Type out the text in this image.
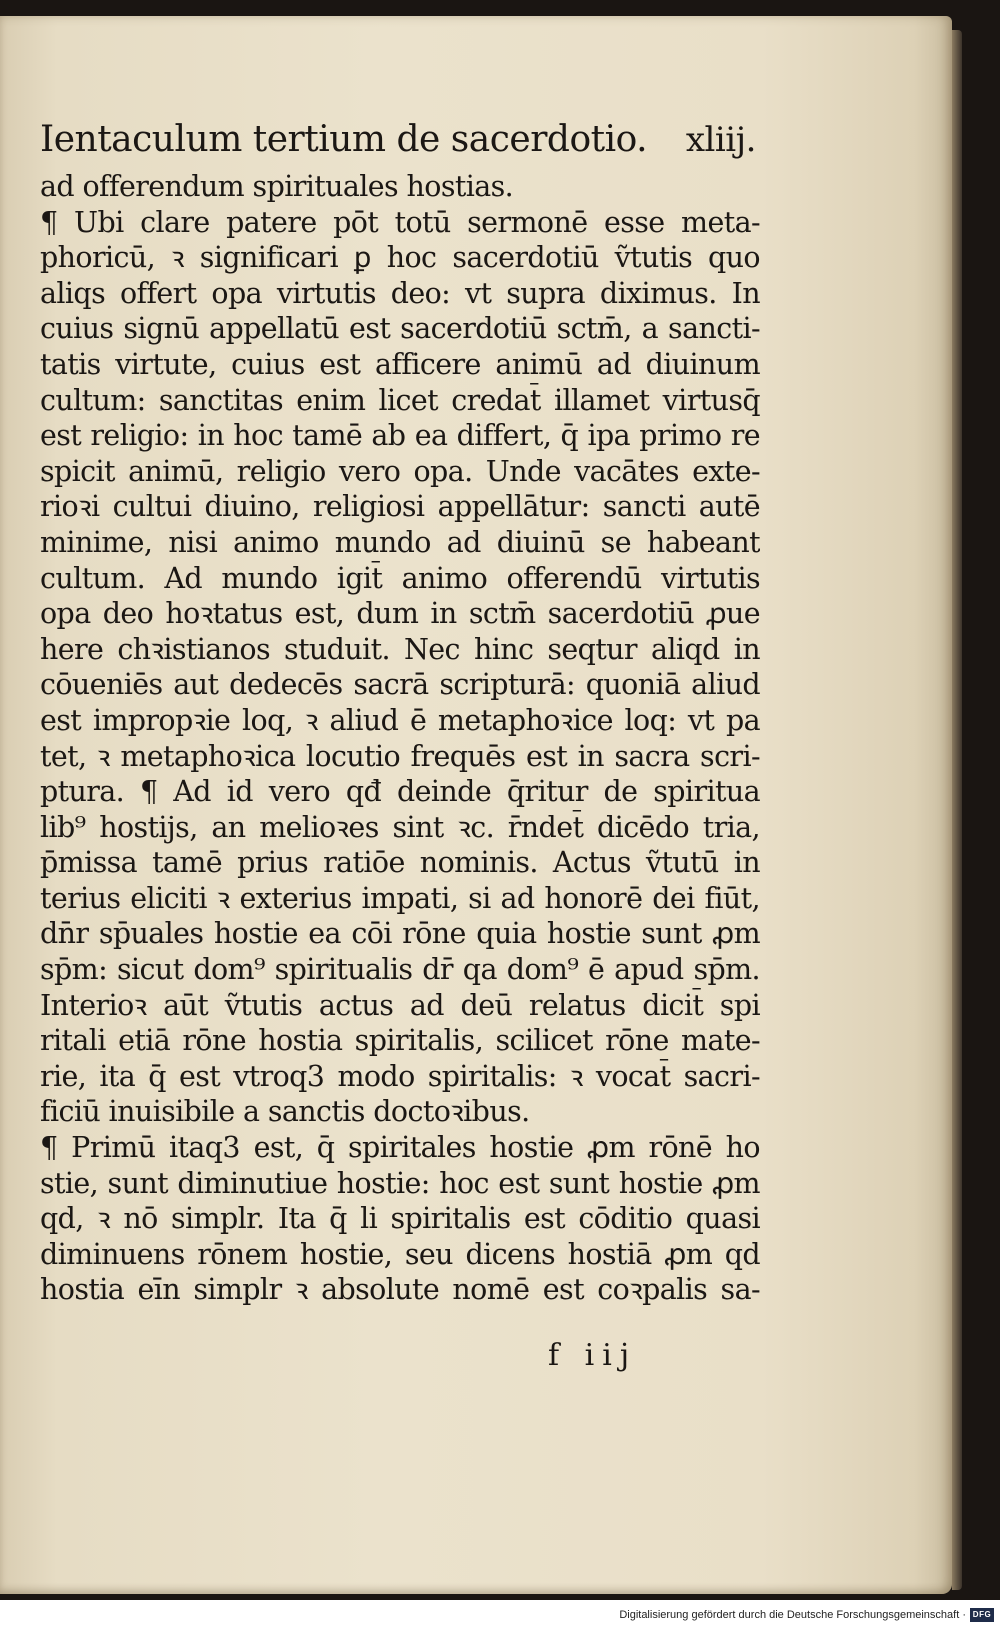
Ientaculum tertium de sacerdotio. xliij.
ad offerendum spirituales hostias.
¶ Ubi clare patere pōt totū sermonē esse meta-
phoricū, ꝛ significari ꝑ hoc sacerdotiū ṽtutis quo
aliqs offert opa virtutis deo: vt supra diximus. In
cuius signū appellatū est sacerdotiū sctm̄, a sancti-
tatis virtute, cuius est afficere animū ad diuinum
cultum: sanctitas enim licet credat̄ illamet virtusq̄
est religio: in hoc tamē ab ea differt, q̄ ipa primo re
spicit animū, religio vero opa. Unde vacātes exte-
rioꝛi cultui diuino, religiosi appellātur: sancti autē
minime, nisi animo mundo ad diuinū se habeant
cultum. Ad mundo igit̄ animo offerendū virtutis
opa deo hoꝛtatus est, dum in sctm̄ sacerdotiū ꝓue
here chꝛistianos studuit. Nec hinc seqtur aliqd in
cōueniēs aut dedecēs sacrā scripturā: quoniā aliud
est impropꝛie loq, ꝛ aliud ē metaphoꝛice loq: vt pa
tet, ꝛ metaphoꝛica locutio frequēs est in sacra scri-
ptura. ¶ Ad id vero qđ deinde q̄ritur de spiritua
lib⁹ hostijs, an melioꝛes sint ꝛc. r̄ndet̄ dicēdo tria,
p̄missa tamē prius ratiōe nominis. Actus ṽtutū in
terius eliciti ꝛ exterius impati, si ad honorē dei fiūt,
dn̄r sp̄uales hostie ea cōi rōne quia hostie sunt ꝓm
sp̄m: sicut dom⁹ spiritualis dr̄ qa dom⁹ ē apud sp̄m.
Interioꝛ aūt ṽtutis actus ad deū relatus dicit̄ spi
ritali etiā rōne hostia spiritalis, scilicet rōne mate-
rie, ita q̄ est vtroq3 modo spiritalis: ꝛ vocat̄ sacri-
ficiū inuisibile a sanctis doctoꝛibus.
¶ Primū itaq3 est, q̄ spiritales hostie ꝓm rōnē ho
stie, sunt diminutiue hostie: hoc est sunt hostie ꝓm
qd, ꝛ nō simplr. Ita q̄ li spiritalis est cōditio quasi
diminuens rōnem hostie, seu dicens hostiā ꝓm qd
hostia eīn simplr ꝛ absolute nomē est coꝛpalis sa-
f iij
Digitalisierung gefördert durch die Deutsche Forschungsgemeinschaft · DFG
